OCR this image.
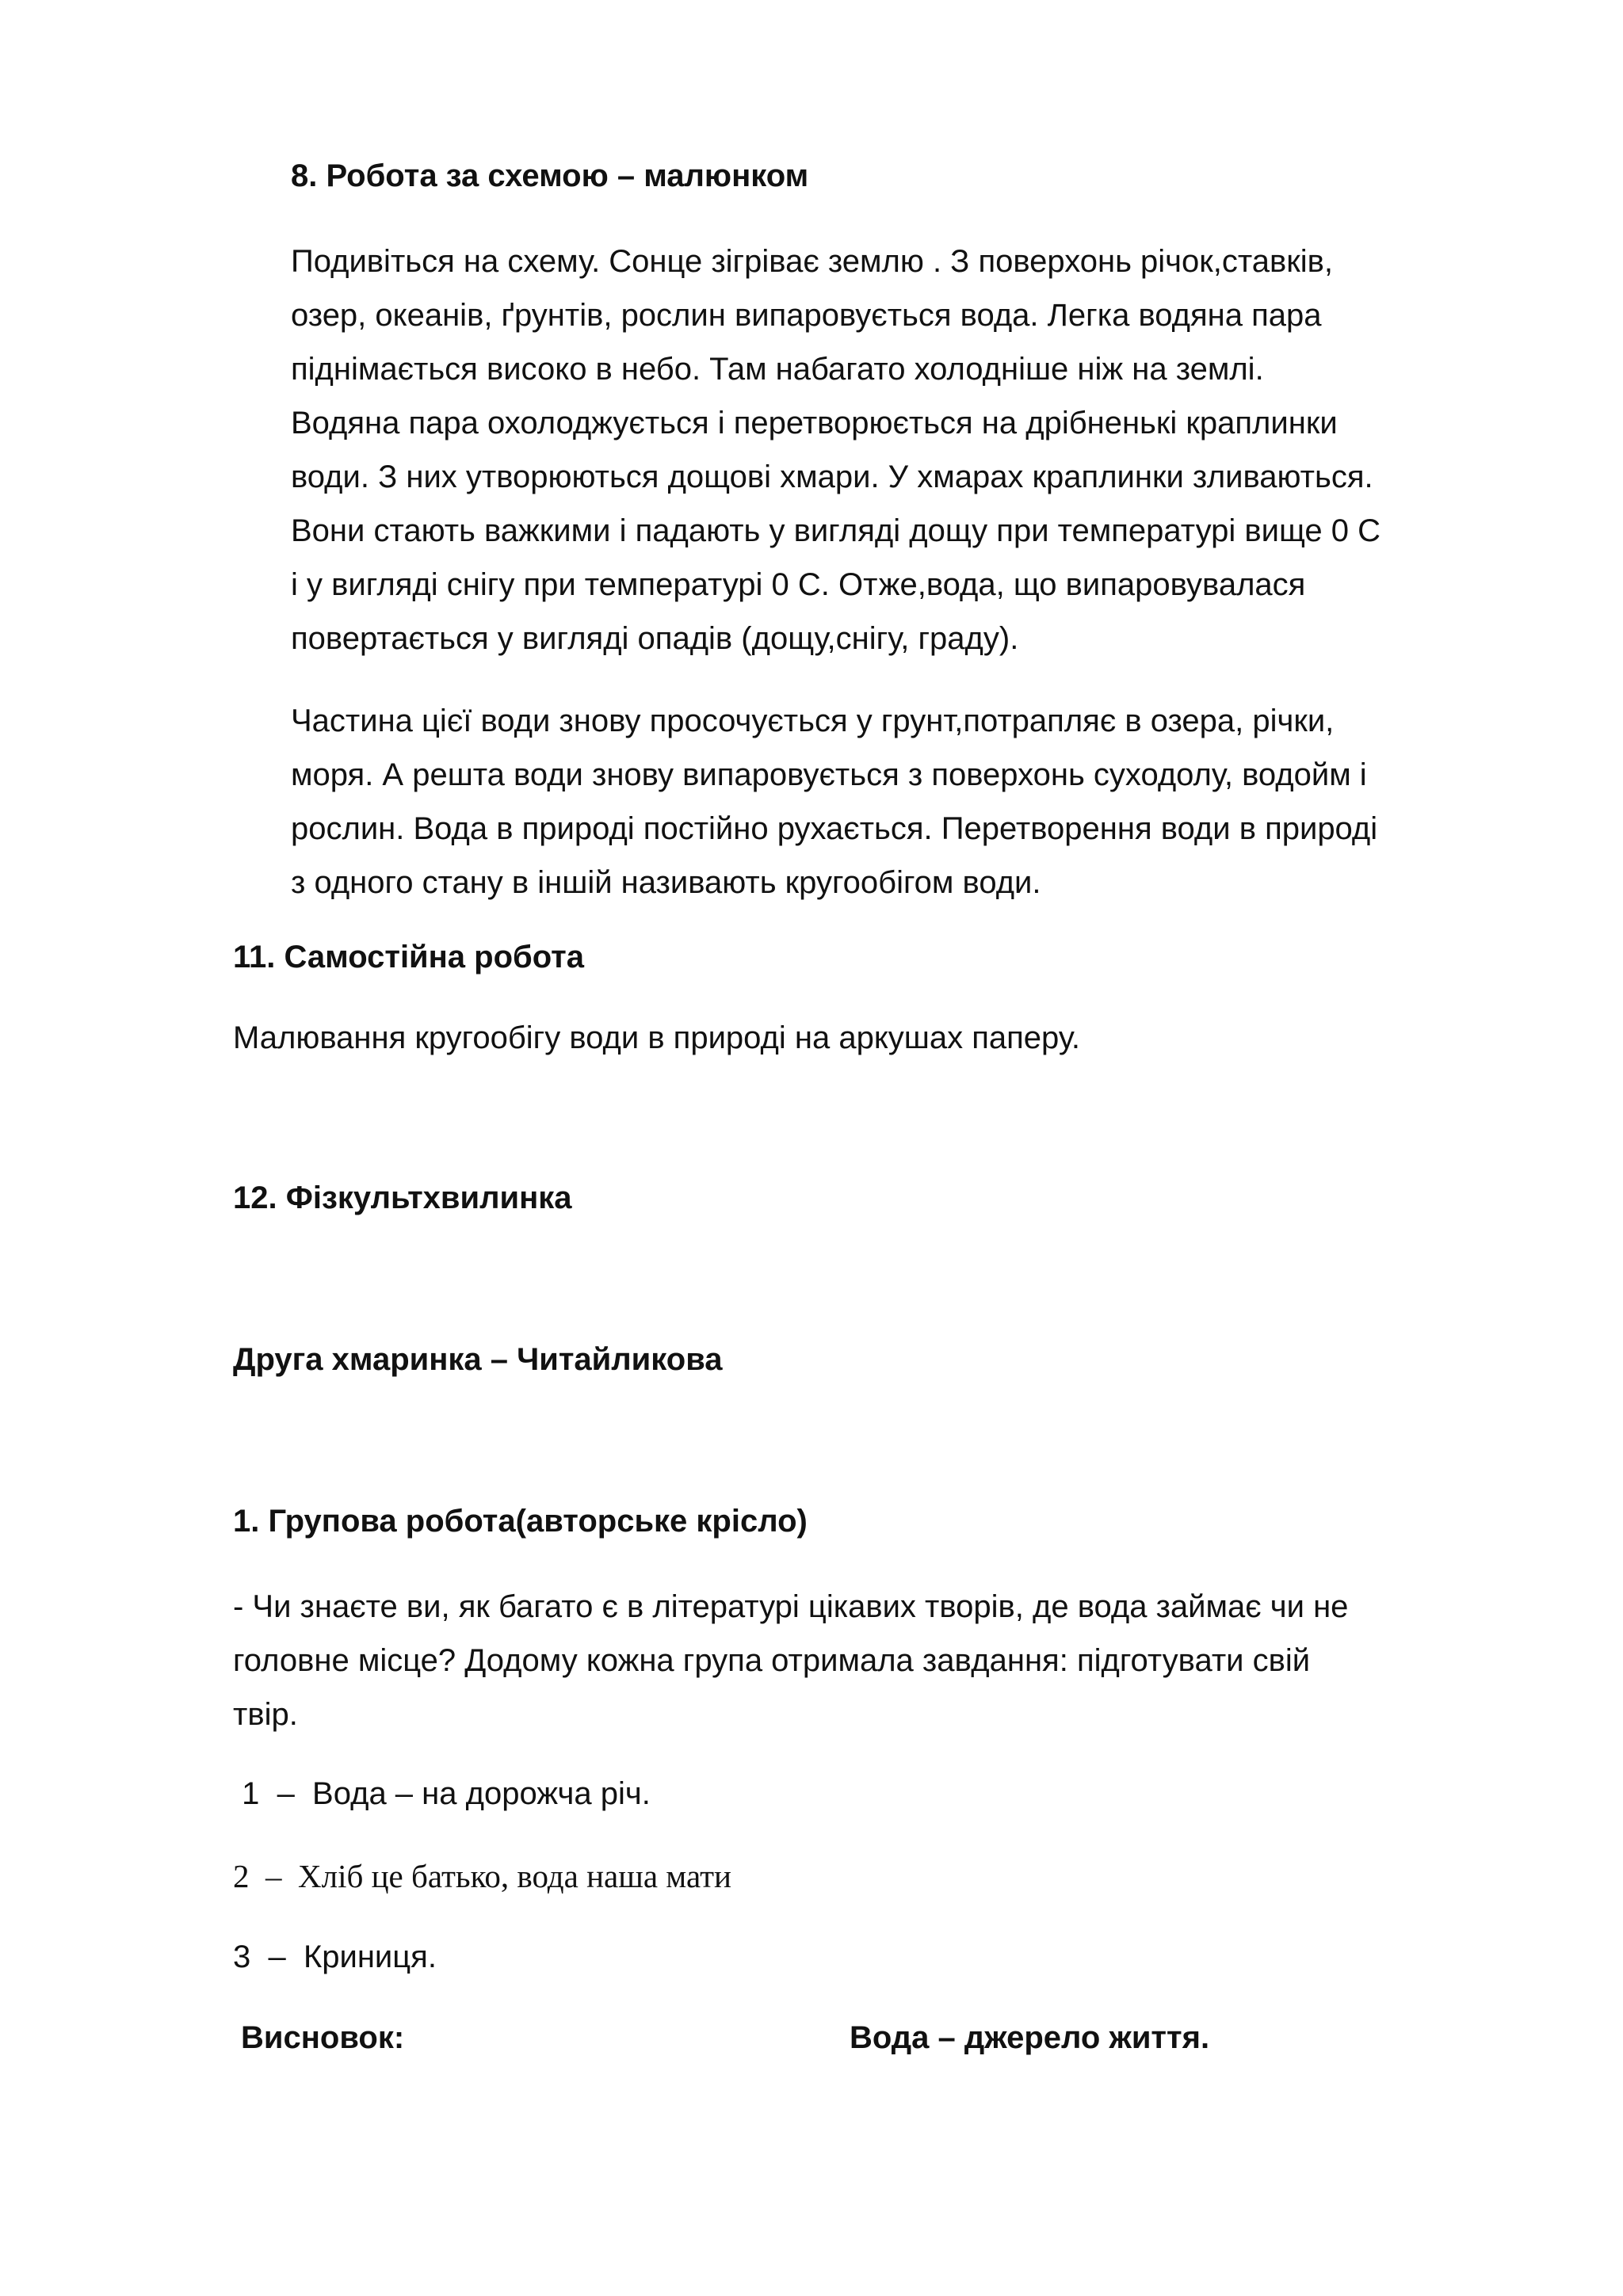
8. Робота за схемою – малюнком

Подивіться на схему. Сонце зігріває землю . З поверхонь річок,ставків,
озер, океанів, ґрунтів, рослин випаровується вода. Легка водяна пара
піднімається високо в небо. Там набагато холодніше ніж на землі.
Водяна пара охолоджується і перетворюється на дрібненькі краплинки
води. З них утворюються дощові хмари. У хмарах краплинки зливаються.
Вони стають важкими і падають у вигляді дощу при температурі вище 0 С
і у вигляді снігу при температурі 0 С. Отже,вода, що випаровувалася
повертається у вигляді опадів (дощу,снігу, граду).
Частина цієї води знову просочується у грунт,потрапляє в озера, річки,
моря. А решта води знову випаровується з поверхонь суходолу, водойм і
рослин. Вода в природі постійно рухається. Перетворення води в природі
з одного стану в іншій називають кругообігом води.

11. Самостійна робота

Малювання кругообігу води в природі на аркушах паперу.

12. Фізкультхвилинка

Друга хмаринка – Читайликова

1. Групова робота(авторське крісло)

- Чи знаєте ви, як багато є в літературі цікавих творів, де вода займає чи не
головне місце? Додому кожна група отримала завдання: підготувати свій
твір.

1  –  Вода – на дорожча річ.

2  –  Хліб це батько, вода наша мати

3  –  Криниця.

Висновок:	Вода – джерело життя.
